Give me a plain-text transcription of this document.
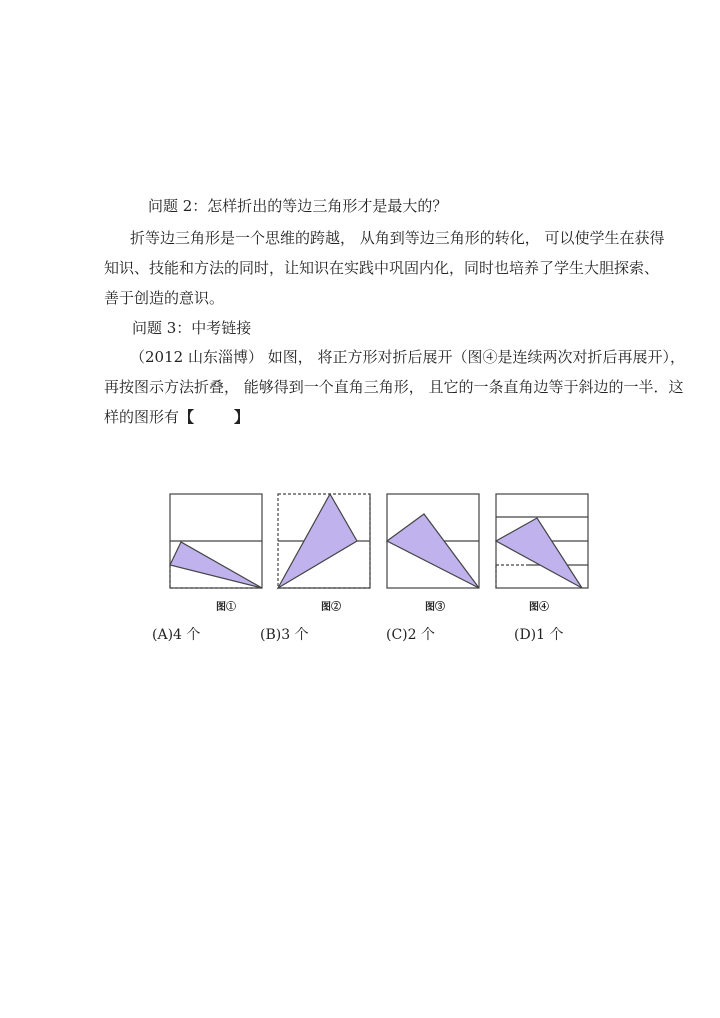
问题 2：怎样折出的等边三角形才是最大的？
折等边三角形是一个思维的跨越， 从角到等边三角形的转化， 可以使学生在获得
知识、技能和方法的同时，让知识在实践中巩固内化，同时也培养了学生大胆探索、
善于创造的意识。
问题 3：中考链接
（2012 山东淄博） 如图， 将正方形对折后展开（图④是连续两次对折后再展开），
再按图示方法折叠， 能够得到一个直角三角形， 且它的一条直角边等于斜边的一半．这
样的图形有【	】
图①	图②	图③	图④
(A)4 个	(B)3 个	(C)2 个	(D)1 个
